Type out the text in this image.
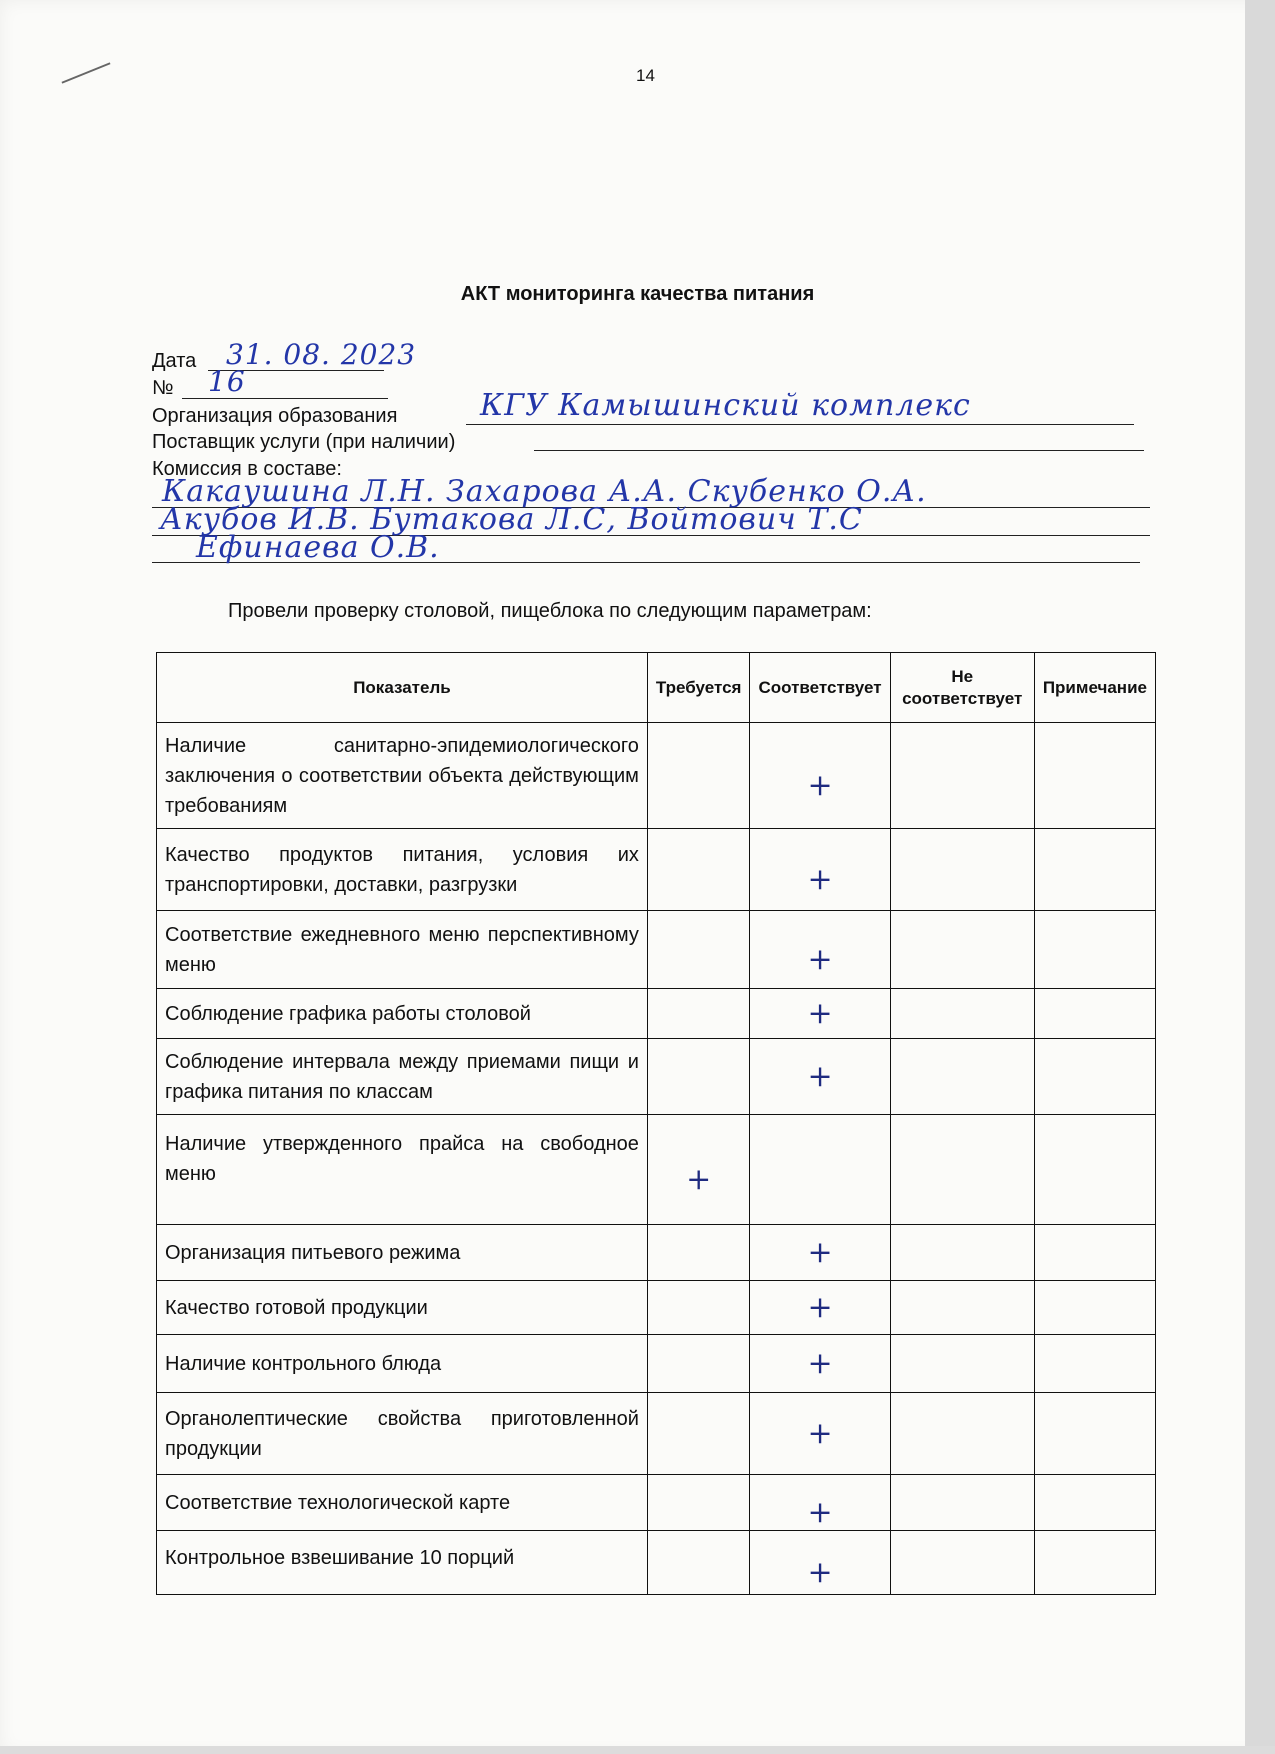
14
АКТ мониторинга качества питания
Дата 31. 08. 2023
№ 16
Организация образования	КГУ Камышинский комплекс
Поставщик услуги (при наличии)
Комиссия в составе:
Какаушина Л.Н. Захарова А.А. Скубенко О.А.
Акубов И.В. Бутакова Л.С, Войтович Т.С
Ефинаева О.В.
Провели проверку столовой, пищеблока по следующим параметрам:
Показатель	Требуется	Соответствует	Не соответствует	Примечание
Наличие санитарно-эпидемиологического заключения о соответствии объекта действующим требованиям		+		

Качество продуктов питания, условия их транспортировки, доставки, разгрузки		+		

Соответствие ежедневного меню перспективному меню		+		

Соблюдение графика работы столовой		+		

Соблюдение интервала между приемами пищи и графика питания по классам		+		

Наличие утвержденного прайса на свободное меню	+			

Организация питьевого режима		+		

Качество готовой продукции		+		

Наличие контрольного блюда		+		

Органолептические свойства приготовленной продукции		+		

Соответствие технологической карте		+		

Контрольное взвешивание 10 порций		+		
